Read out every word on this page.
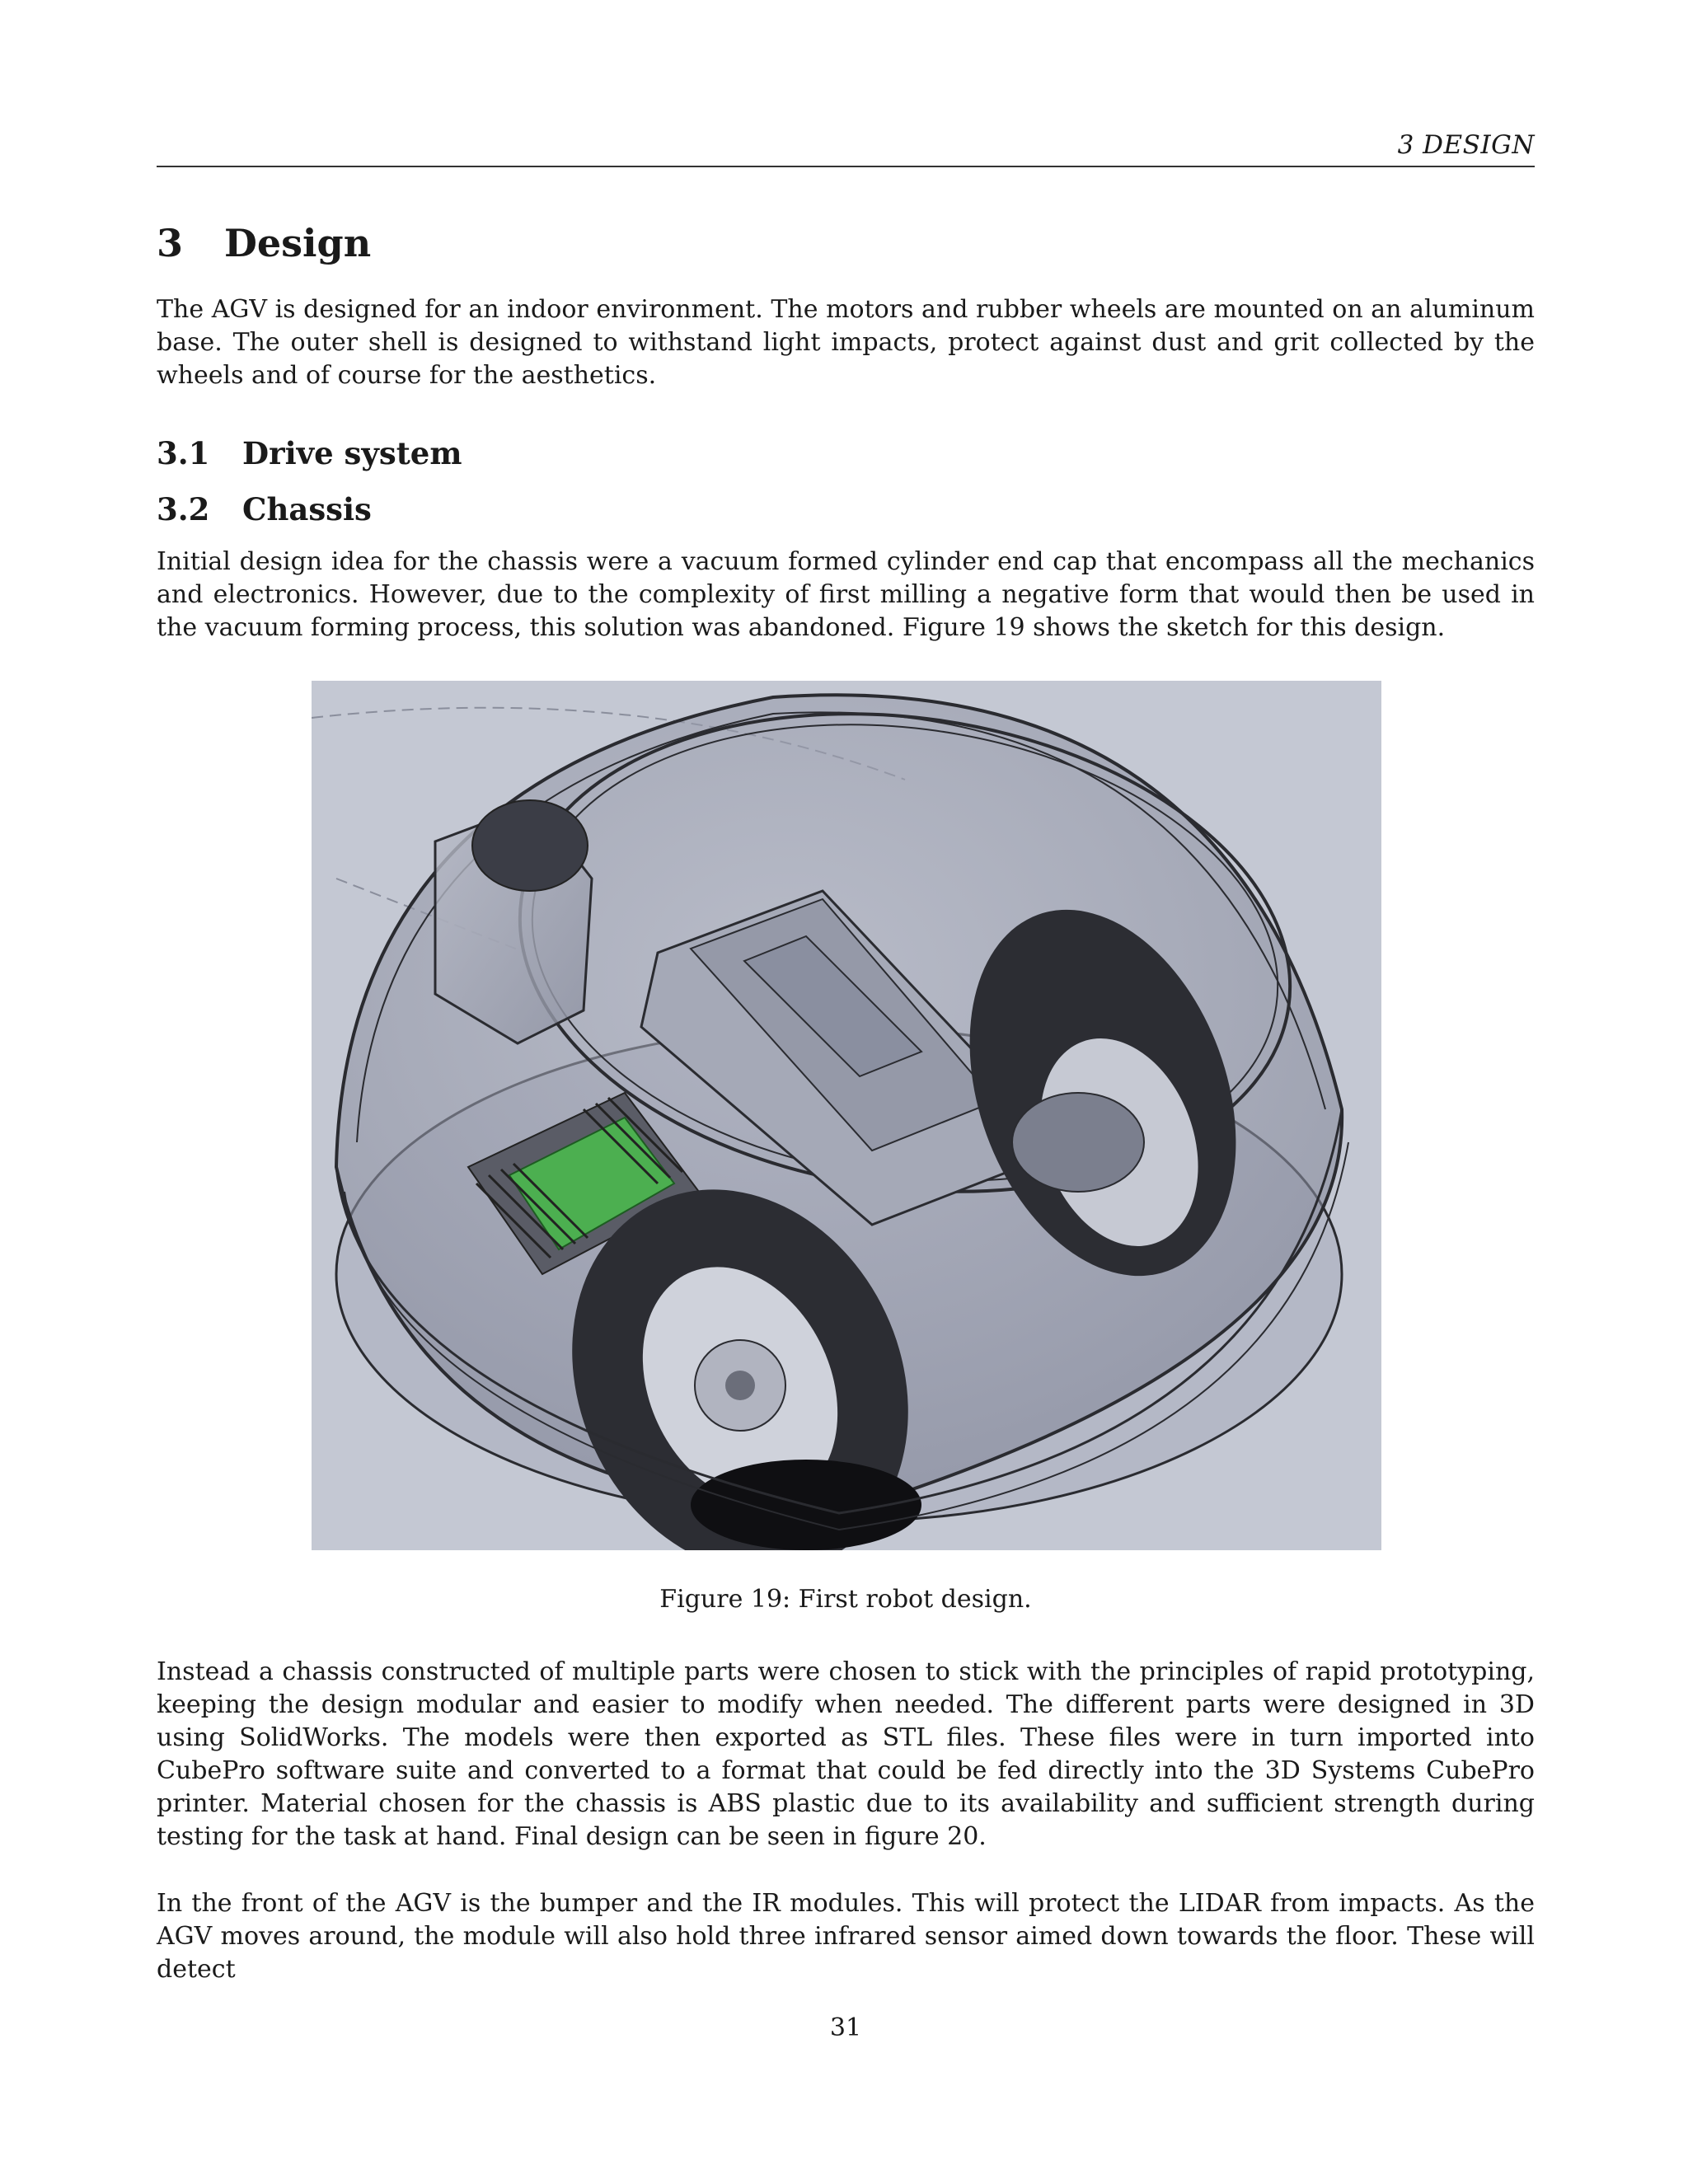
3 DESIGN
3 Design

The AGV is designed for an indoor environment. The motors and rubber wheels are mounted on an aluminum base. The outer shell is designed to withstand light impacts, protect against dust and grit collected by the wheels and of course for the aesthetics.

3.1 Drive system
3.2 Chassis

Initial design idea for the chassis were a vacuum formed cylinder end cap that encompass all the mechanics and electronics. However, due to the complexity of first milling a negative form that would then be used in the vacuum forming process, this solution was abandoned. Figure 19 shows the sketch for this design.

Figure 19: First robot design.

Instead a chassis constructed of multiple parts were chosen to stick with the principles of rapid prototyping, keeping the design modular and easier to modify when needed. The different parts were designed in 3D using SolidWorks. The models were then exported as STL files. These files were in turn imported into CubePro software suite and converted to a format that could be fed directly into the 3D Systems CubePro printer. Material chosen for the chassis is ABS plastic due to its availability and sufficient strength during testing for the task at hand. Final design can be seen in figure 20.

In the front of the AGV is the bumper and the IR modules. This will protect the LIDAR from impacts. As the AGV moves around, the module will also hold three infrared sensor aimed down towards the floor. These will detect

31
